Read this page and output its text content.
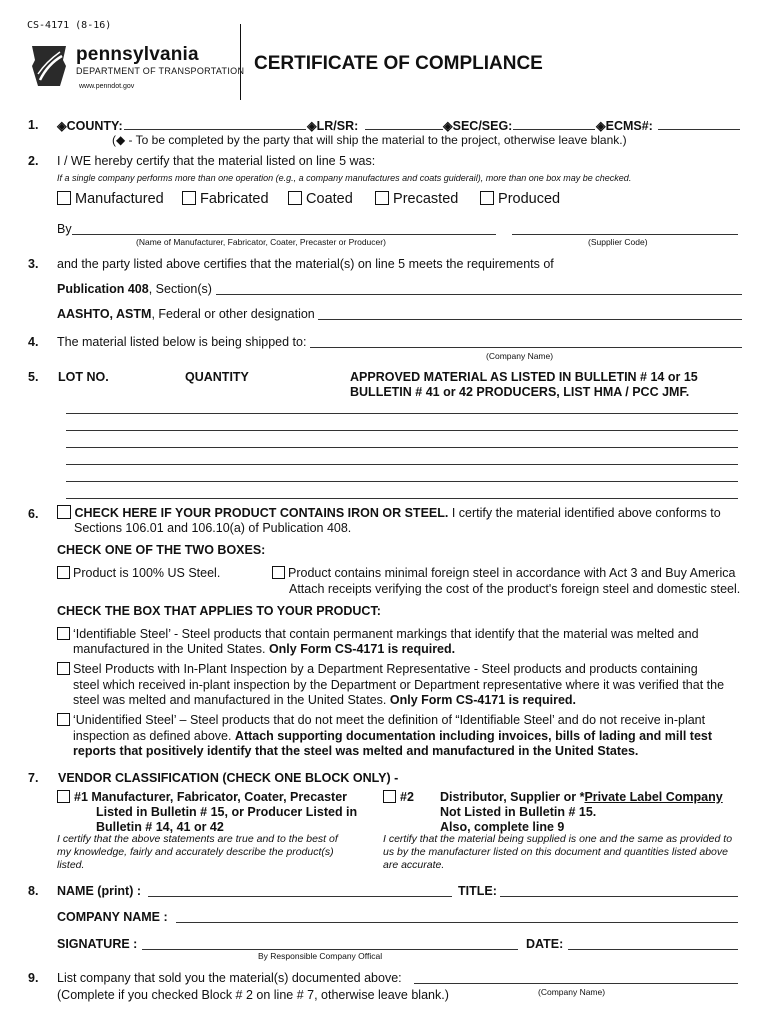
CS-4171 (8-16)
pennsylvania
DEPARTMENT OF TRANSPORTATION
www.penndot.gov
CERTIFICATE OF COMPLIANCE
1. ◈COUNTY:	◈LR/SR:	◈SEC/SEG:	◈ECMS#:
(◆ - To be completed by the party that will ship the material to the project, otherwise leave blank.)
2. I / WE hereby certify that the material listed on line 5 was:
If a single company performs more than one operation (e.g., a company manufactures and coats guiderail), more than one box may be checked.
Manufactured	Fabricated	Coated	Precasted	Produced
By
(Name of Manufacturer, Fabricator, Coater, Precaster or Producer)	(Supplier Code)
3. and the party listed above certifies that the material(s) on line 5 meets the requirements of
Publication 408, Section(s)
AASHTO, ASTM, Federal or other designation
4. The material listed below is being shipped to:
(Company Name)
5. LOT NO.	QUANTITY	APPROVED MATERIAL AS LISTED IN BULLETIN # 14 or 15
BULLETIN # 41 or 42 PRODUCERS, LIST HMA / PCC JMF.
6.	CHECK HERE IF YOUR PRODUCT CONTAINS IRON OR STEEL. I certify the material identified above conforms to
Sections 106.01 and 106.10(a) of Publication 408.
CHECK ONE OF THE TWO BOXES:
Product is 100% US Steel.	Product contains minimal foreign steel in accordance with Act 3 and Buy America
Attach receipts verifying the cost of the product's foreign steel and domestic steel.
CHECK THE BOX THAT APPLIES TO YOUR PRODUCT:
‘Identifiable Steel’ - Steel products that contain permanent markings that identify that the material was melted and
manufactured in the United States. Only Form CS-4171 is required.
Steel Products with In-Plant Inspection by a Department Representative - Steel products and products containing
steel which received in-plant inspection by the Department or Department representative where it was verified that the
steel was melted and manufactured in the United States. Only Form CS-4171 is required.
‘Unidentified Steel’ – Steel products that do not meet the definition of “Identifiable Steel’ and do not receive in-plant
inspection as defined above. Attach supporting documentation including invoices, bills of lading and mill test
reports that positively identify that the steel was melted and manufactured in the United States.
7. VENDOR CLASSIFICATION (CHECK ONE BLOCK ONLY) -
#1 Manufacturer, Fabricator, Coater, Precaster
Listed in Bulletin # 15, or Producer Listed in
Bulletin # 14, 41 or 42
I certify that the above statements are true and to the best of my knowledge, fairly and accurately describe the product(s) listed.
#2 Distributor, Supplier or *Private Label Company
Not Listed in Bulletin # 15.
Also, complete line 9
I certify that the material being supplied is one and the same as provided to us by the manufacturer listed on this document and quantities listed above are accurate.
8. NAME (print) :	TITLE:
COMPANY NAME :
SIGNATURE :
By Responsible Company Offical
DATE:
9. List company that sold you the material(s) documented above:
(Complete if you checked Block # 2 on line # 7, otherwise leave blank.)	(Company Name)
